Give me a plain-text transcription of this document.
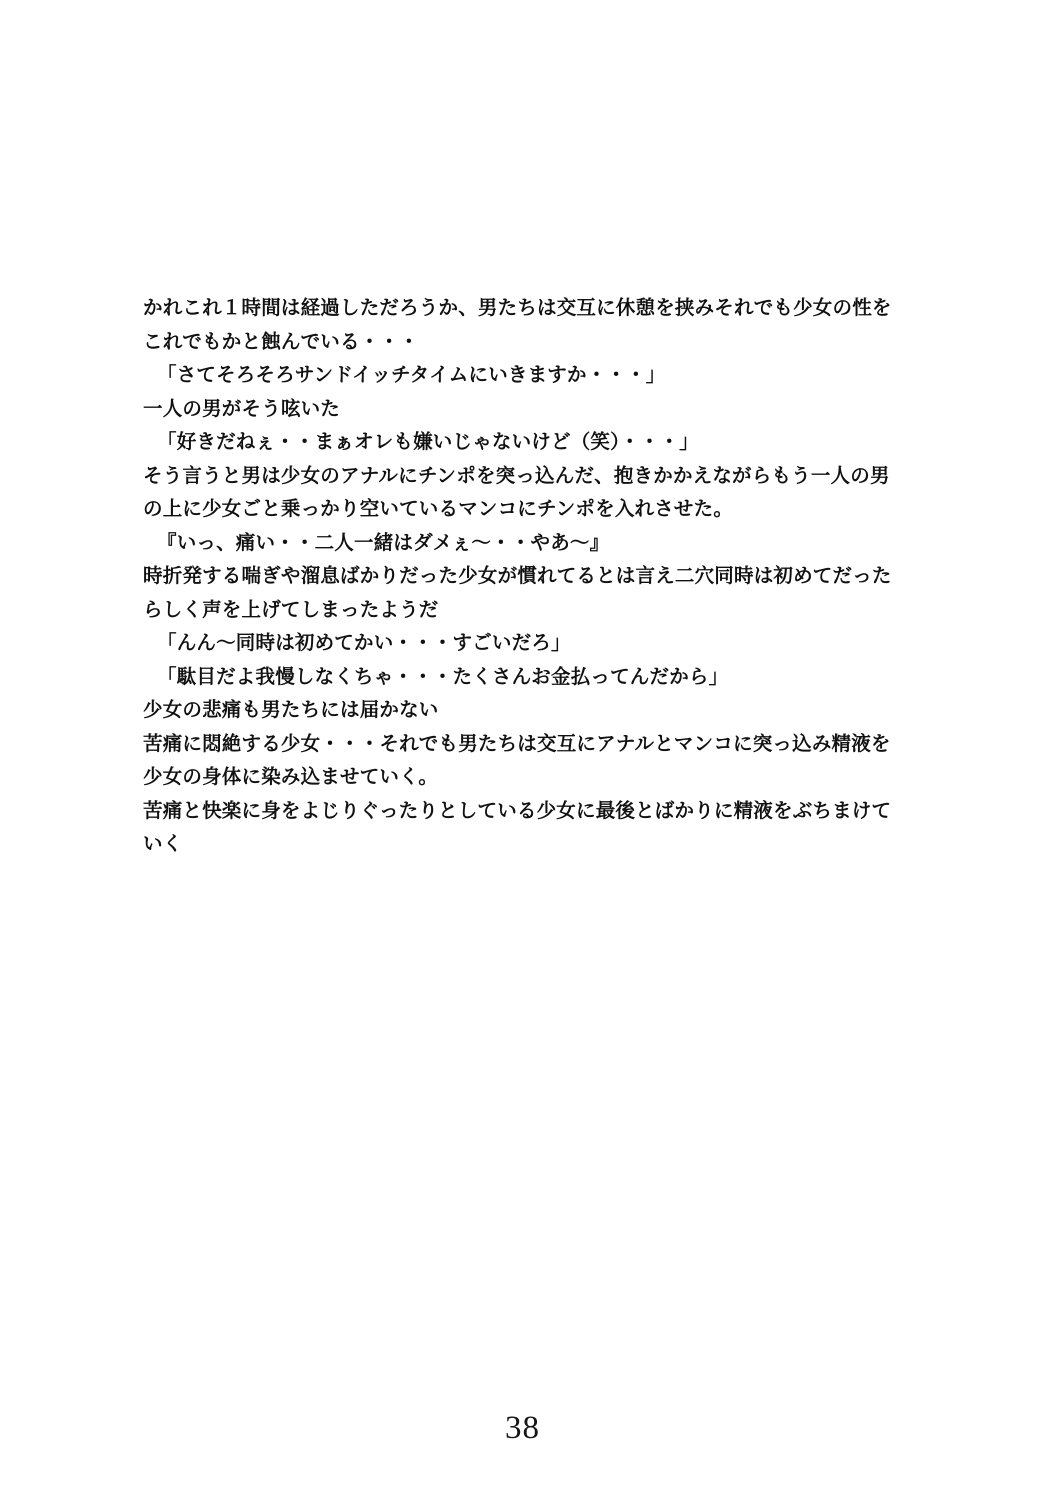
かれこれ１時間は経過しただろうか、男たちは交互に休憩を挟みそれでも少女の性をこれでもかと蝕んでいる・・・

「さてそろそろサンドイッチタイムにいきますか・・・」

一人の男がそう呟いた

「好きだねぇ・・まぁオレも嫌いじゃないけど（笑）・・・」

そう言うと男は少女のアナルにチンポを突っ込んだ、抱きかかえながらもう一人の男の上に少女ごと乗っかり空いているマンコにチンポを入れさせた。

『いっ、痛い・・二人一緒はダメぇ〜・・やあ〜』

時折発する喘ぎや溜息ばかりだった少女が慣れてるとは言え二穴同時は初めてだったらしく声を上げてしまったようだ

「んん〜同時は初めてかい・・・すごいだろ」

「駄目だよ我慢しなくちゃ・・・たくさんお金払ってんだから」

少女の悲痛も男たちには届かない

苦痛に悶絶する少女・・・それでも男たちは交互にアナルとマンコに突っ込み精液を少女の身体に染み込ませていく。

苦痛と快楽に身をよじりぐったりとしている少女に最後とばかりに精液をぶちまけていく

38
